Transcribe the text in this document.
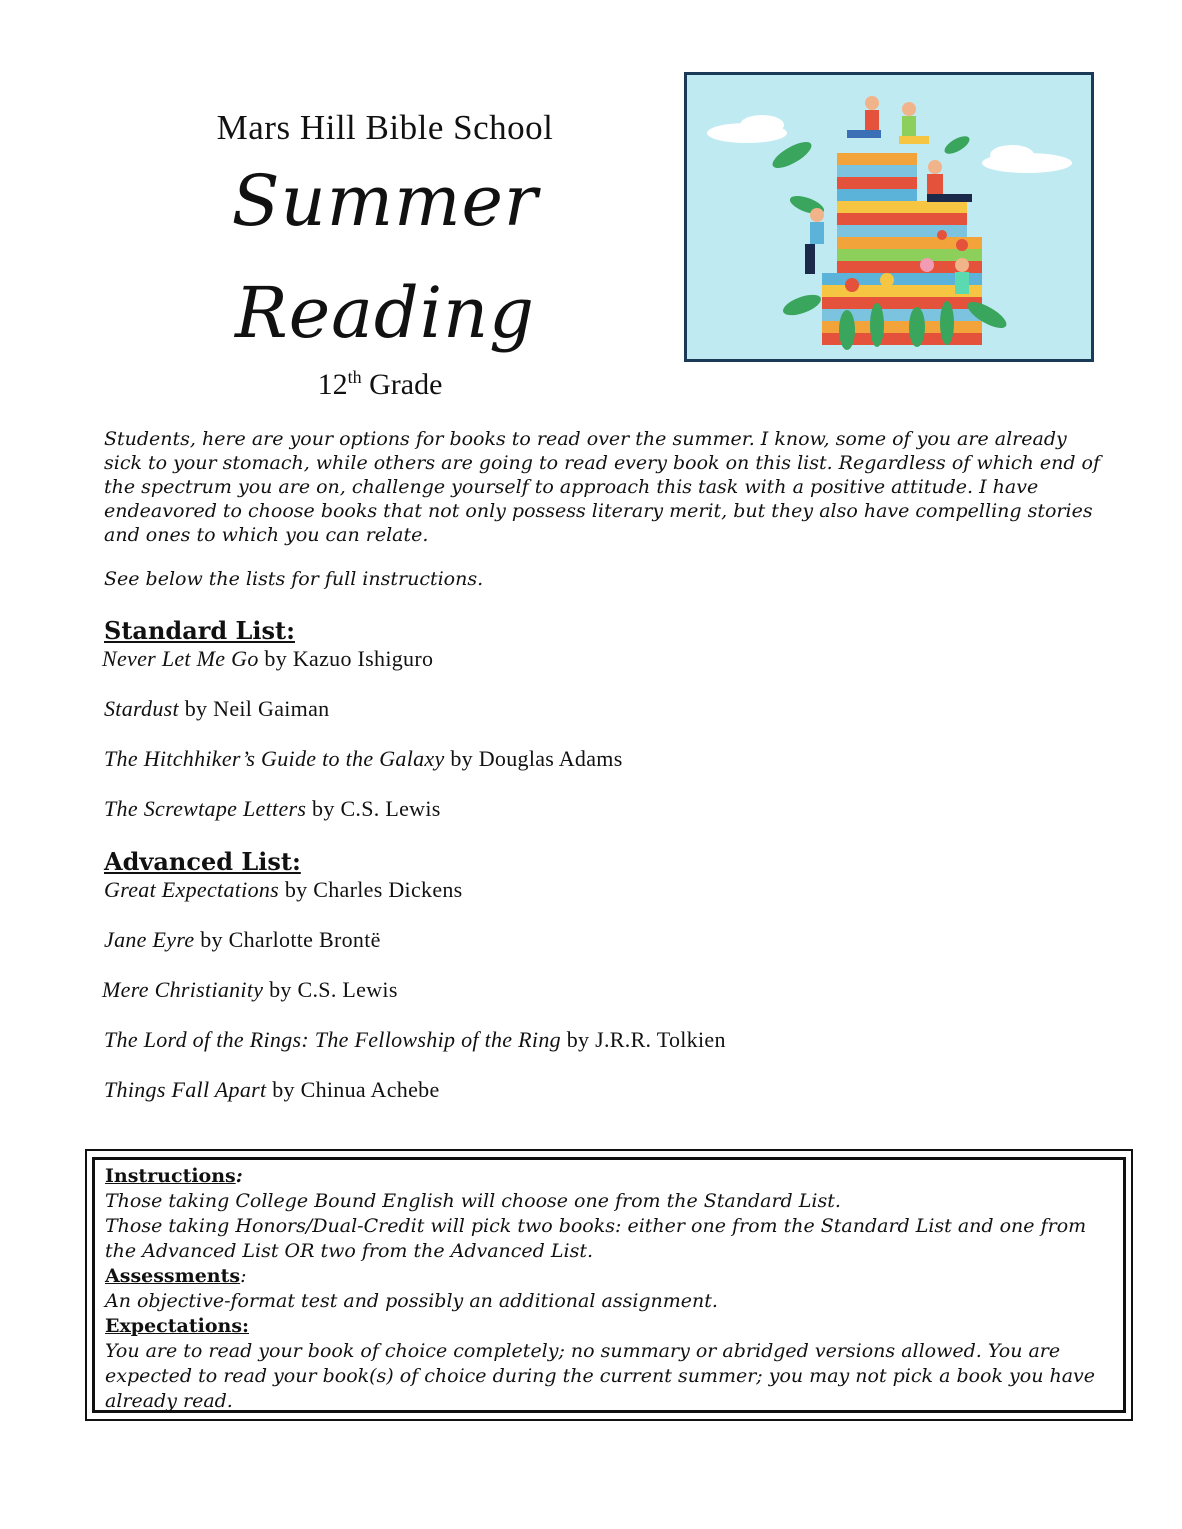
Mars Hill Bible School
Summer
Reading
12th Grade

Students, here are your options for books to read over the summer. I know, some of you are already sick to your stomach, while others are going to read every book on this list. Regardless of which end of the spectrum you are on, challenge yourself to approach this task with a positive attitude. I have endeavored to choose books that not only possess literary merit, but they also have compelling stories and ones to which you can relate.

See below the lists for full instructions.

Standard List:
Never Let Me Go by Kazuo Ishiguro
Stardust by Neil Gaiman
The Hitchhiker’s Guide to the Galaxy by Douglas Adams
The Screwtape Letters by C.S. Lewis
Advanced List:
Great Expectations by Charles Dickens
Jane Eyre by Charlotte Brontë
Mere Christianity by C.S. Lewis
The Lord of the Rings: The Fellowship of the Ring by J.R.R. Tolkien
Things Fall Apart by Chinua Achebe
Instructions:
Those taking College Bound English will choose one from the Standard List.
Those taking Honors/Dual-Credit will pick two books: either one from the Standard List and one from the Advanced List OR two from the Advanced List.
Assessments:
An objective-format test and possibly an additional assignment.
Expectations:
You are to read your book of choice completely; no summary or abridged versions allowed. You are expected to read your book(s) of choice during the current summer; you may not pick a book you have already read.
